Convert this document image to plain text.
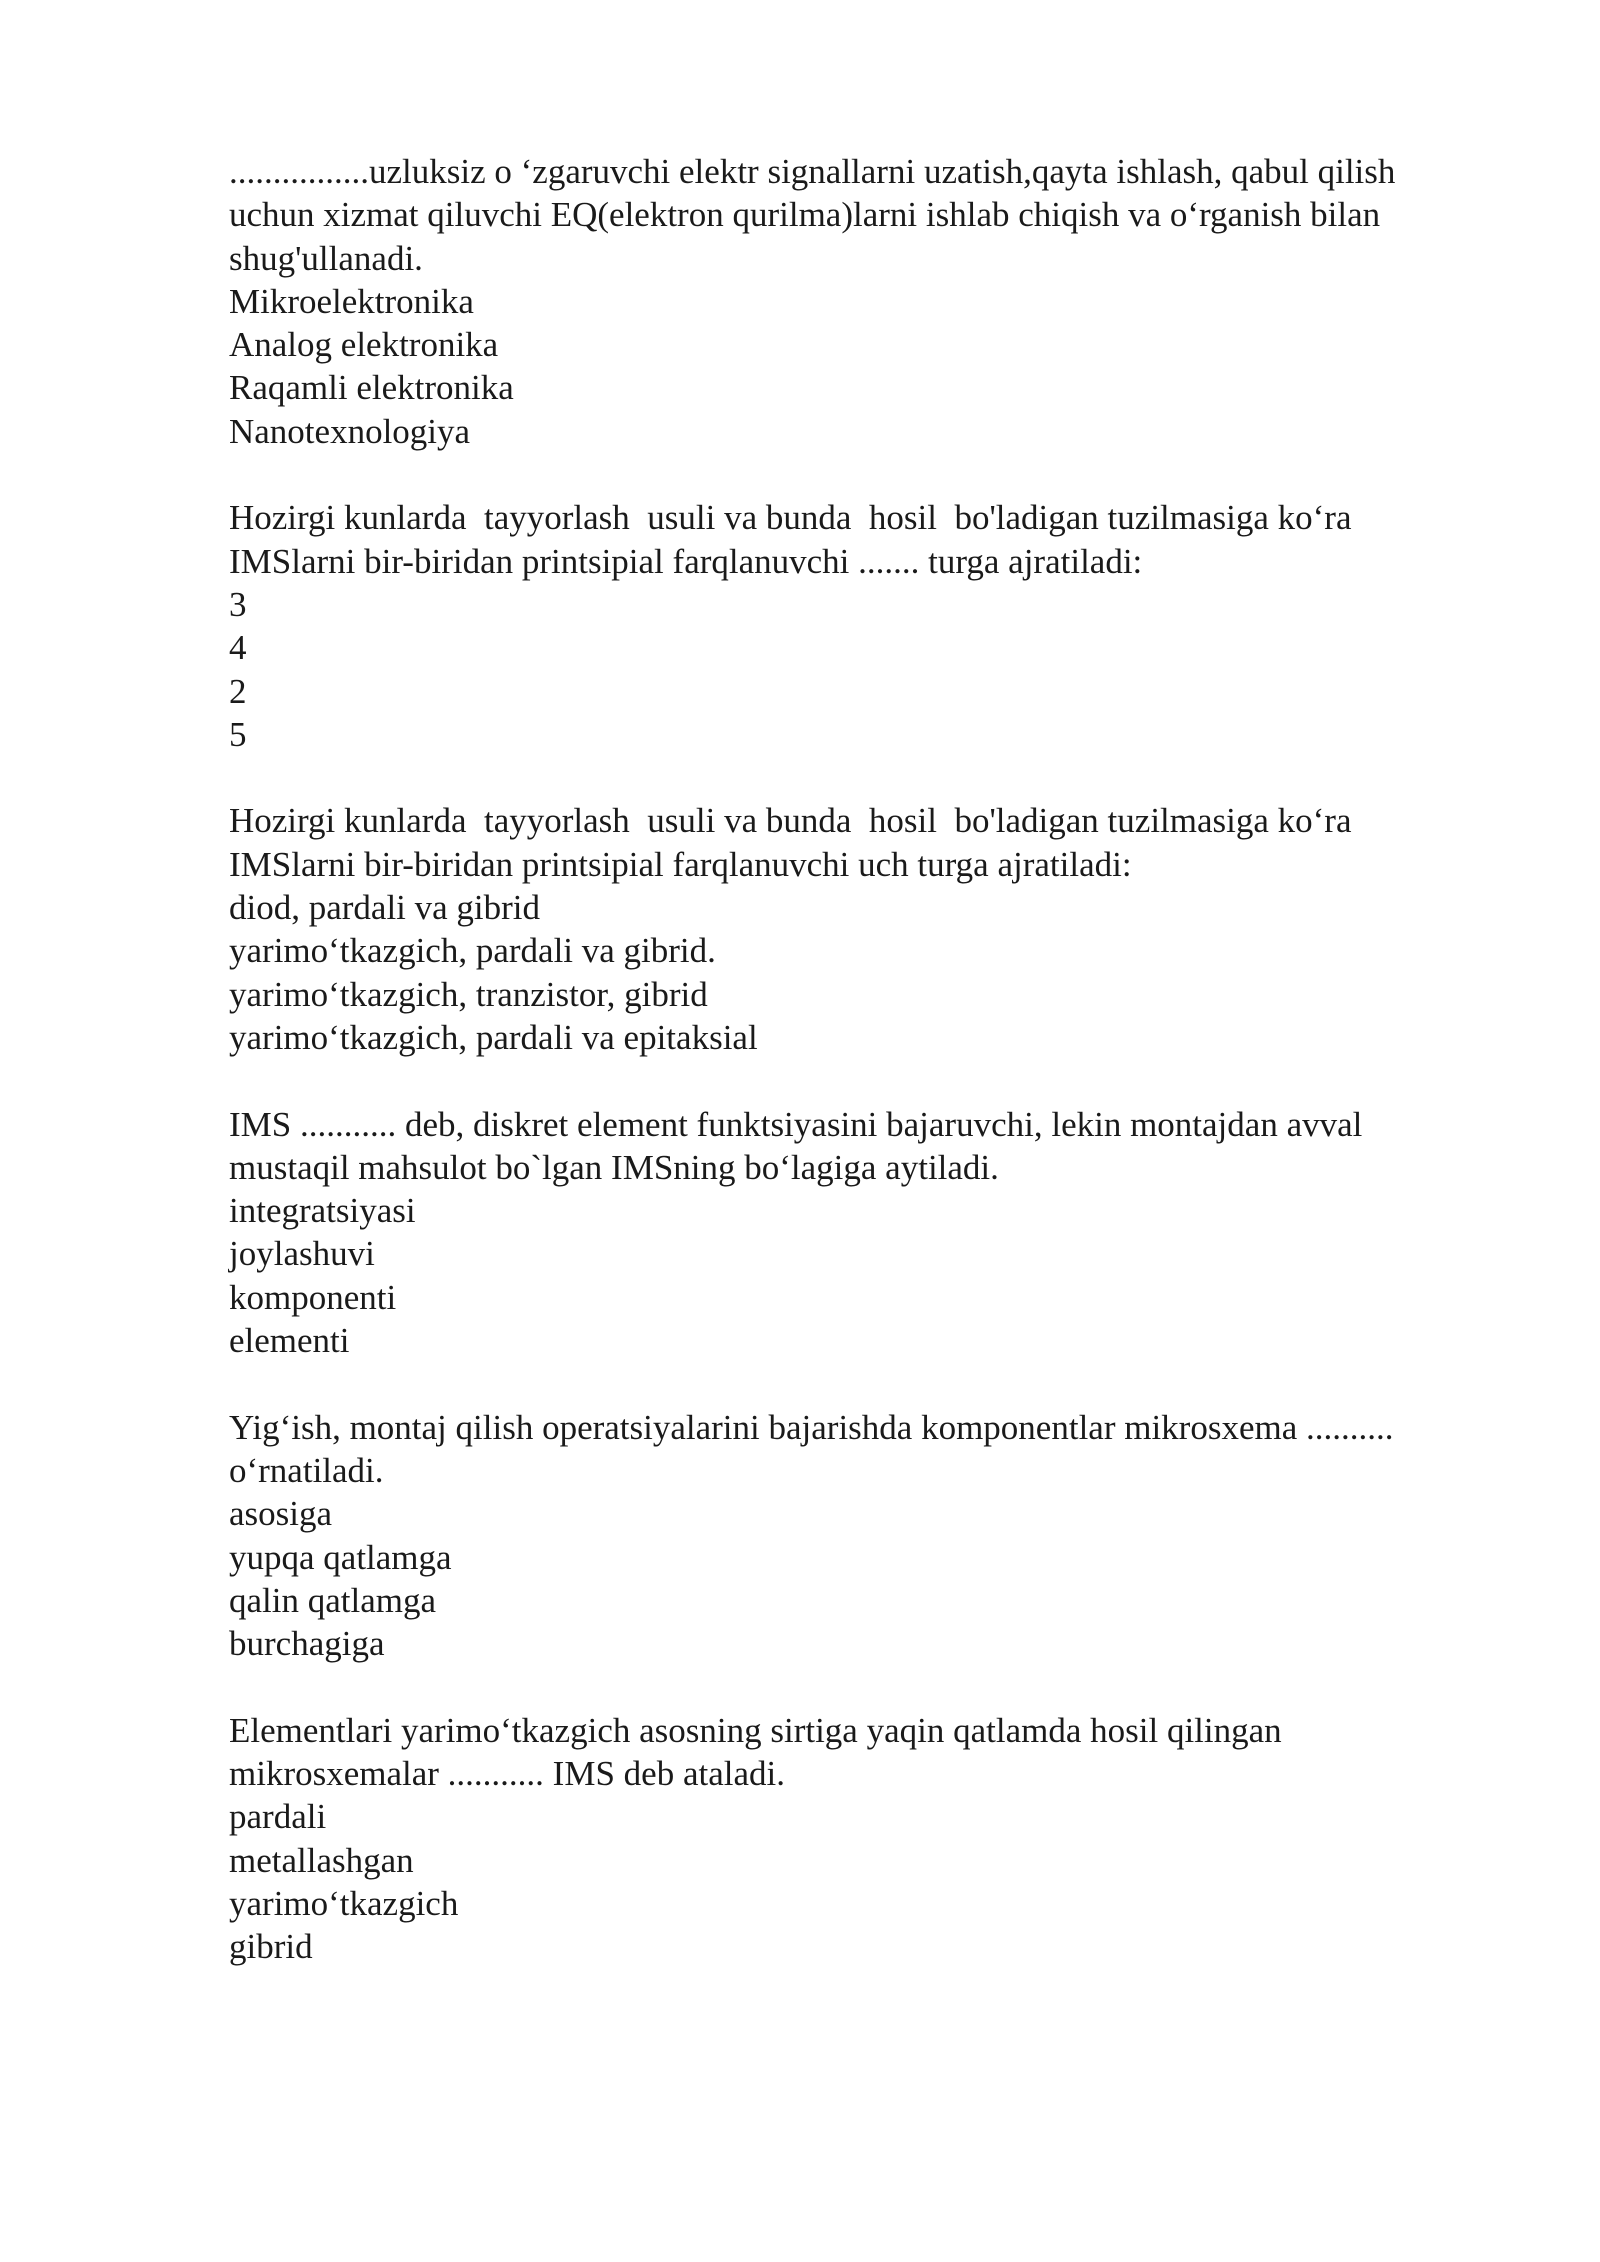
................uzluksiz o ‘zgaruvchi elektr signallarni uzatish,qayta ishlash, qabul qilish
uchun xizmat qiluvchi EQ(elektron qurilma)larni ishlab chiqish va o‘rganish bilan
shug'ullanadi.
Mikroelektronika
Analog elektronika
Raqamli elektronika
Nanotexnologiya
Hozirgi kunlarda  tayyorlash  usuli va bunda  hosil  bo'ladigan tuzilmasiga ko‘ra
IMSlarni bir-biridan printsipial farqlanuvchi ....... turga ajratiladi:
3
4
2
5
Hozirgi kunlarda  tayyorlash  usuli va bunda  hosil  bo'ladigan tuzilmasiga ko‘ra
IMSlarni bir-biridan printsipial farqlanuvchi uch turga ajratiladi:
diod, pardali va gibrid
yarimo‘tkazgich, pardali va gibrid.
yarimo‘tkazgich, tranzistor, gibrid
yarimo‘tkazgich, pardali va epitaksial
IMS ........... deb, diskret element funktsiyasini bajaruvchi, lekin montajdan avval
mustaqil mahsulot bo`lgan IMSning bo‘lagiga aytiladi.
integratsiyasi
joylashuvi
komponenti
elementi
Yig‘ish, montaj qilish operatsiyalarini bajarishda komponentlar mikrosxema ..........
o‘rnatiladi.
asosiga
yupqa qatlamga
qalin qatlamga
burchagiga
Elementlari yarimo‘tkazgich asosning sirtiga yaqin qatlamda hosil qilingan
mikrosxemalar ........... IMS deb ataladi.
pardali
metallashgan
yarimo‘tkazgich
gibrid
